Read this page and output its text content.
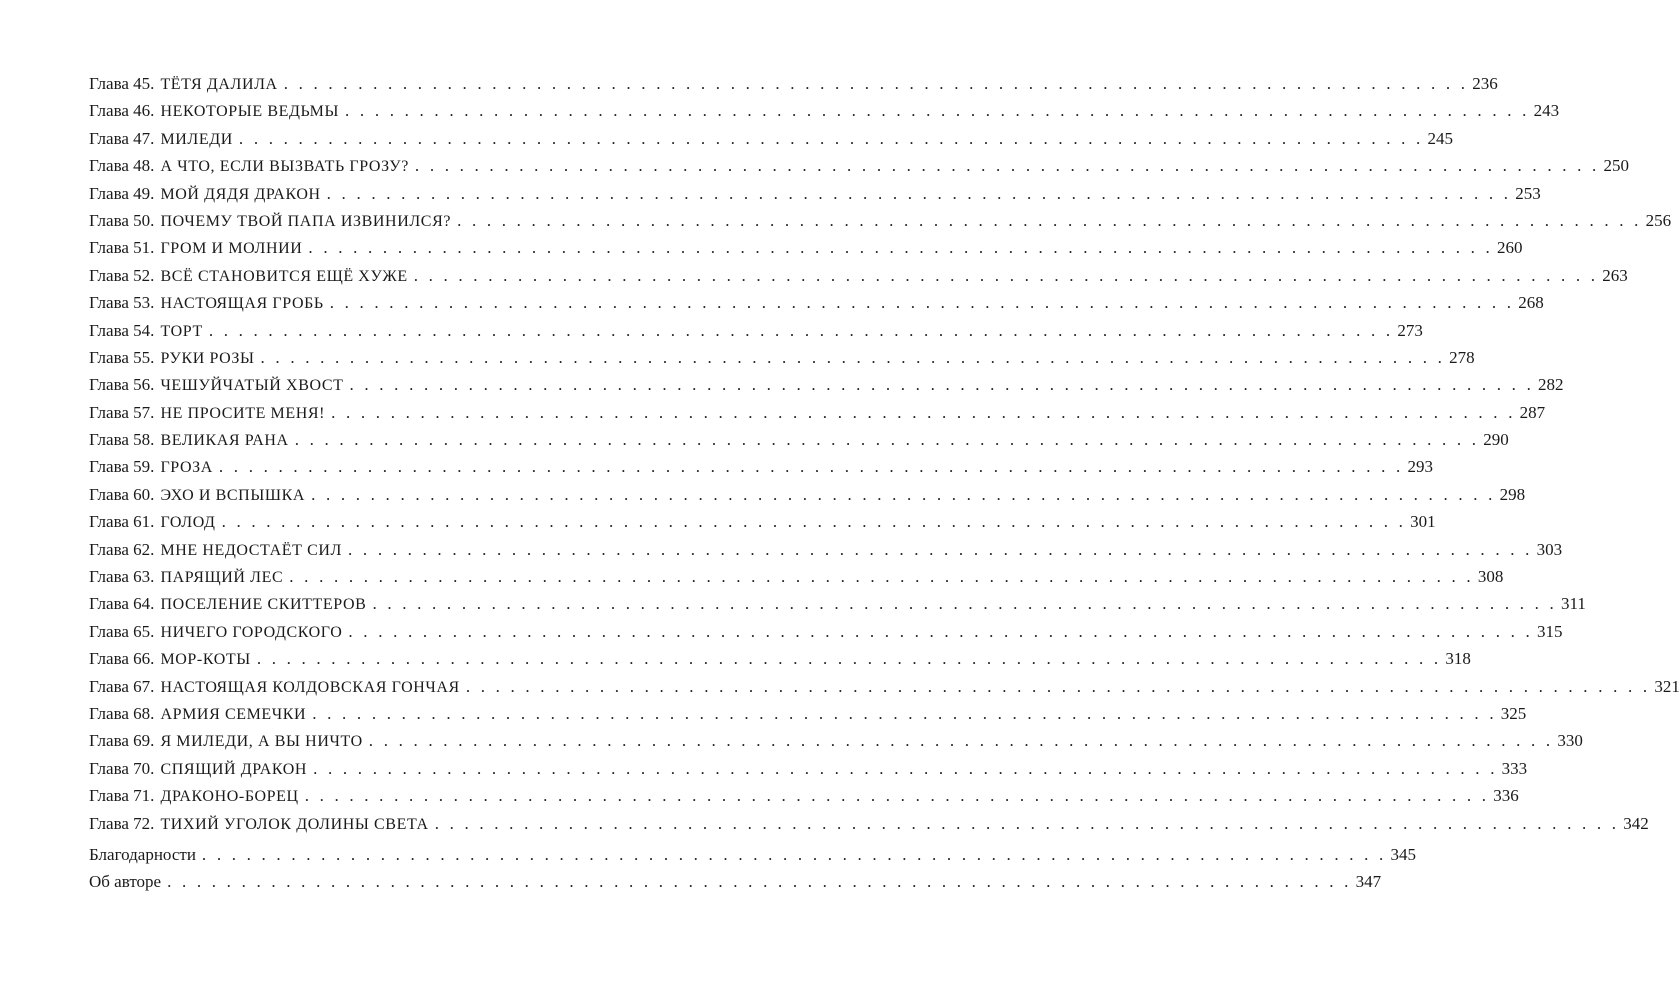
Глава 45. ТЁТЯ ДАЛИЛА . . . . . . . . . . . . . . . . . . . . . . . . . . . . . . . . . . . . . . . . . . . . . . . . . . . . . . . . . . . . . . . . . . . . . . . . . . . . . . . . 236
Глава 46. НЕКОТОРЫЕ ВЕДЬМЫ . . . . . . . . . . . . . . . . . . . . . . . . . . . . . . . . . . . . . . . . . . . . . . . . . . . . . . . . . . . . . . . . . . . . . . . . . . . . . . . . 243
Глава 47. МИЛЕДИ . . . . . . . . . . . . . . . . . . . . . . . . . . . . . . . . . . . . . . . . . . . . . . . . . . . . . . . . . . . . . . . . . . . . . . . . . . . . . . . . 245
Глава 48. А ЧТО, ЕСЛИ ВЫЗВАТЬ ГРОЗУ? . . . . . . . . . . . . . . . . . . . . . . . . . . . . . . . . . . . . . . . . . . . . . . . . . . . . . . . . . . . . . . . . . . . . . . . . . . . . . . . . 250
Глава 49. МОЙ ДЯДЯ ДРАКОН . . . . . . . . . . . . . . . . . . . . . . . . . . . . . . . . . . . . . . . . . . . . . . . . . . . . . . . . . . . . . . . . . . . . . . . . . . . . . . . . 253
Глава 50. ПОЧЕМУ ТВОЙ ПАПА ИЗВИНИЛСЯ? . . . . . . . . . . . . . . . . . . . . . . . . . . . . . . . . . . . . . . . . . . . . . . . . . . . . . . . . . . . . . . . . . . . . . . . . . . . . . . . . 256
Глава 51. ГРОМ И МОЛНИИ . . . . . . . . . . . . . . . . . . . . . . . . . . . . . . . . . . . . . . . . . . . . . . . . . . . . . . . . . . . . . . . . . . . . . . . . . . . . . . . . 260
Глава 52. ВСЁ СТАНОВИТСЯ ЕЩЁ ХУЖЕ . . . . . . . . . . . . . . . . . . . . . . . . . . . . . . . . . . . . . . . . . . . . . . . . . . . . . . . . . . . . . . . . . . . . . . . . . . . . . . . . 263
Глава 53. НАСТОЯЩАЯ ГРОБЬ . . . . . . . . . . . . . . . . . . . . . . . . . . . . . . . . . . . . . . . . . . . . . . . . . . . . . . . . . . . . . . . . . . . . . . . . . . . . . . . . 268
Глава 54. ТОРТ . . . . . . . . . . . . . . . . . . . . . . . . . . . . . . . . . . . . . . . . . . . . . . . . . . . . . . . . . . . . . . . . . . . . . . . . . . . . . . . . 273
Глава 55. РУКИ РОЗЫ . . . . . . . . . . . . . . . . . . . . . . . . . . . . . . . . . . . . . . . . . . . . . . . . . . . . . . . . . . . . . . . . . . . . . . . . . . . . . . . . 278
Глава 56. ЧЕШУЙЧАТЫЙ ХВОСТ . . . . . . . . . . . . . . . . . . . . . . . . . . . . . . . . . . . . . . . . . . . . . . . . . . . . . . . . . . . . . . . . . . . . . . . . . . . . . . . . 282
Глава 57. НЕ ПРОСИТЕ МЕНЯ! . . . . . . . . . . . . . . . . . . . . . . . . . . . . . . . . . . . . . . . . . . . . . . . . . . . . . . . . . . . . . . . . . . . . . . . . . . . . . . . . 287
Глава 58. ВЕЛИКАЯ РАНА . . . . . . . . . . . . . . . . . . . . . . . . . . . . . . . . . . . . . . . . . . . . . . . . . . . . . . . . . . . . . . . . . . . . . . . . . . . . . . . . 290
Глава 59. ГРОЗА . . . . . . . . . . . . . . . . . . . . . . . . . . . . . . . . . . . . . . . . . . . . . . . . . . . . . . . . . . . . . . . . . . . . . . . . . . . . . . . . 293
Глава 60. ЭХО И ВСПЫШКА . . . . . . . . . . . . . . . . . . . . . . . . . . . . . . . . . . . . . . . . . . . . . . . . . . . . . . . . . . . . . . . . . . . . . . . . . . . . . . . . 298
Глава 61. ГОЛОД . . . . . . . . . . . . . . . . . . . . . . . . . . . . . . . . . . . . . . . . . . . . . . . . . . . . . . . . . . . . . . . . . . . . . . . . . . . . . . . . 301
Глава 62. МНЕ НЕДОСТАЁТ СИЛ . . . . . . . . . . . . . . . . . . . . . . . . . . . . . . . . . . . . . . . . . . . . . . . . . . . . . . . . . . . . . . . . . . . . . . . . . . . . . . . . 303
Глава 63. ПАРЯЩИЙ ЛЕС . . . . . . . . . . . . . . . . . . . . . . . . . . . . . . . . . . . . . . . . . . . . . . . . . . . . . . . . . . . . . . . . . . . . . . . . . . . . . . . . 308
Глава 64. ПОСЕЛЕНИЕ СКИТТЕРОВ . . . . . . . . . . . . . . . . . . . . . . . . . . . . . . . . . . . . . . . . . . . . . . . . . . . . . . . . . . . . . . . . . . . . . . . . . . . . . . . . 311
Глава 65. НИЧЕГО ГОРОДСКОГО . . . . . . . . . . . . . . . . . . . . . . . . . . . . . . . . . . . . . . . . . . . . . . . . . . . . . . . . . . . . . . . . . . . . . . . . . . . . . . . . 315
Глава 66. МОР-КОТЫ . . . . . . . . . . . . . . . . . . . . . . . . . . . . . . . . . . . . . . . . . . . . . . . . . . . . . . . . . . . . . . . . . . . . . . . . . . . . . . . . 318
Глава 67. НАСТОЯЩАЯ КОЛДОВСКАЯ ГОНЧАЯ . . . . . . . . . . . . . . . . . . . . . . . . . . . . . . . . . . . . . . . . . . . . . . . . . . . . . . . . . . . . . . . . . . . . . . . . . . . . . . . . 321
Глава 68. АРМИЯ СЕМЕЧКИ . . . . . . . . . . . . . . . . . . . . . . . . . . . . . . . . . . . . . . . . . . . . . . . . . . . . . . . . . . . . . . . . . . . . . . . . . . . . . . . . 325
Глава 69. Я МИЛЕДИ, А ВЫ НИЧТО . . . . . . . . . . . . . . . . . . . . . . . . . . . . . . . . . . . . . . . . . . . . . . . . . . . . . . . . . . . . . . . . . . . . . . . . . . . . . . . . 330
Глава 70. СПЯЩИЙ ДРАКОН . . . . . . . . . . . . . . . . . . . . . . . . . . . . . . . . . . . . . . . . . . . . . . . . . . . . . . . . . . . . . . . . . . . . . . . . . . . . . . . . 333
Глава 71. ДРАКОНО-БОРЕЦ . . . . . . . . . . . . . . . . . . . . . . . . . . . . . . . . . . . . . . . . . . . . . . . . . . . . . . . . . . . . . . . . . . . . . . . . . . . . . . . . 336
Глава 72. ТИХИЙ УГОЛОК ДОЛИНЫ СВЕТА . . . . . . . . . . . . . . . . . . . . . . . . . . . . . . . . . . . . . . . . . . . . . . . . . . . . . . . . . . . . . . . . . . . . . . . . . . . . . . . . 342
Благодарности . . . . . . . . . . . . . . . . . . . . . . . . . . . . . . . . . . . . . . . . . . . . . . . . . . . . . . . . . . . . . . . . . . . . . . . . . . . . . . . . 345
Об авторе . . . . . . . . . . . . . . . . . . . . . . . . . . . . . . . . . . . . . . . . . . . . . . . . . . . . . . . . . . . . . . . . . . . . . . . . . . . . . . . . 347
